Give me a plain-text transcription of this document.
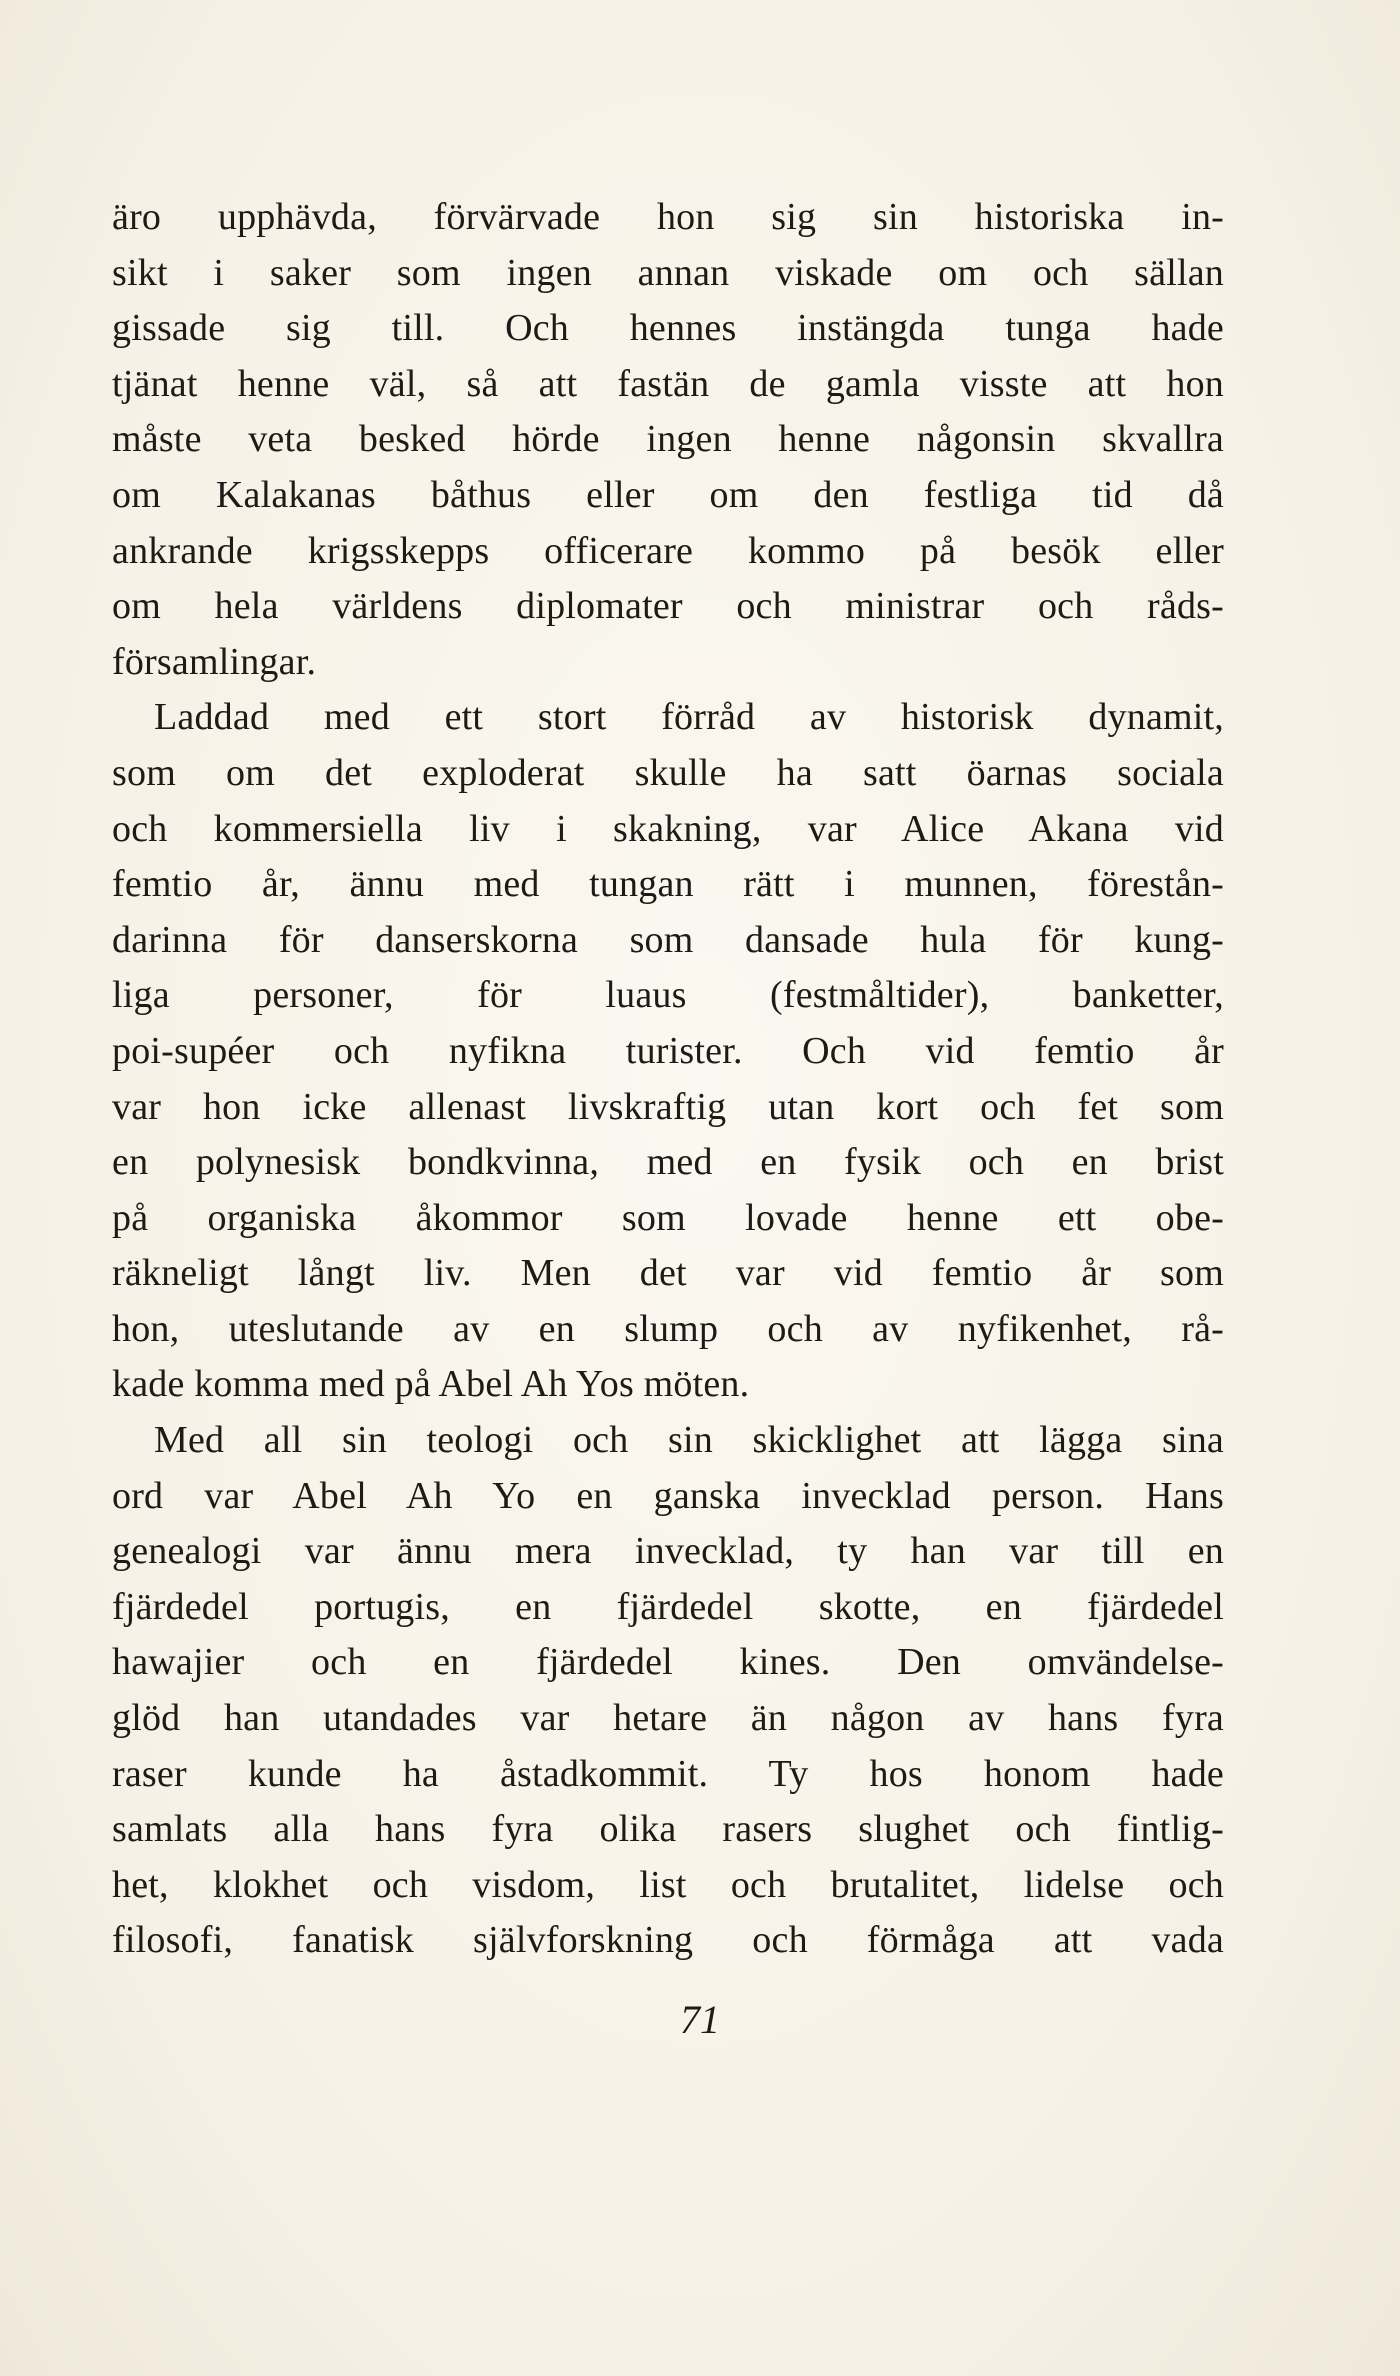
äro upphävda, förvärvade hon sig sin historiska in-
sikt i saker som ingen annan viskade om och sällan
gissade sig till. Och hennes instängda tunga hade
tjänat henne väl, så att fastän de gamla visste att hon
måste veta besked hörde ingen henne någonsin skvallra
om Kalakanas båthus eller om den festliga tid då
ankrande krigsskepps officerare kommo på besök eller
om hela världens diplomater och ministrar och råds-
församlingar.
Laddad med ett stort förråd av historisk dynamit,
som om det exploderat skulle ha satt öarnas sociala
och kommersiella liv i skakning, var Alice Akana vid
femtio år, ännu med tungan rätt i munnen, förestån-
darinna för danserskorna som dansade hula för kung-
liga personer, för luaus (festmåltider), banketter,
poi-supéer och nyfikna turister. Och vid femtio år
var hon icke allenast livskraftig utan kort och fet som
en polynesisk bondkvinna, med en fysik och en brist
på organiska åkommor som lovade henne ett obe-
räkneligt långt liv. Men det var vid femtio år som
hon, uteslutande av en slump och av nyfikenhet, rå-
kade komma med på Abel Ah Yos möten.
Med all sin teologi och sin skicklighet att lägga sina
ord var Abel Ah Yo en ganska invecklad person. Hans
genealogi var ännu mera invecklad, ty han var till en
fjärdedel portugis, en fjärdedel skotte, en fjärdedel
hawajier och en fjärdedel kines. Den omvändelse-
glöd han utandades var hetare än någon av hans fyra
raser kunde ha åstadkommit. Ty hos honom hade
samlats alla hans fyra olika rasers slughet och fintlig-
het, klokhet och visdom, list och brutalitet, lidelse och
filosofi, fanatisk självforskning och förmåga att vada
71
